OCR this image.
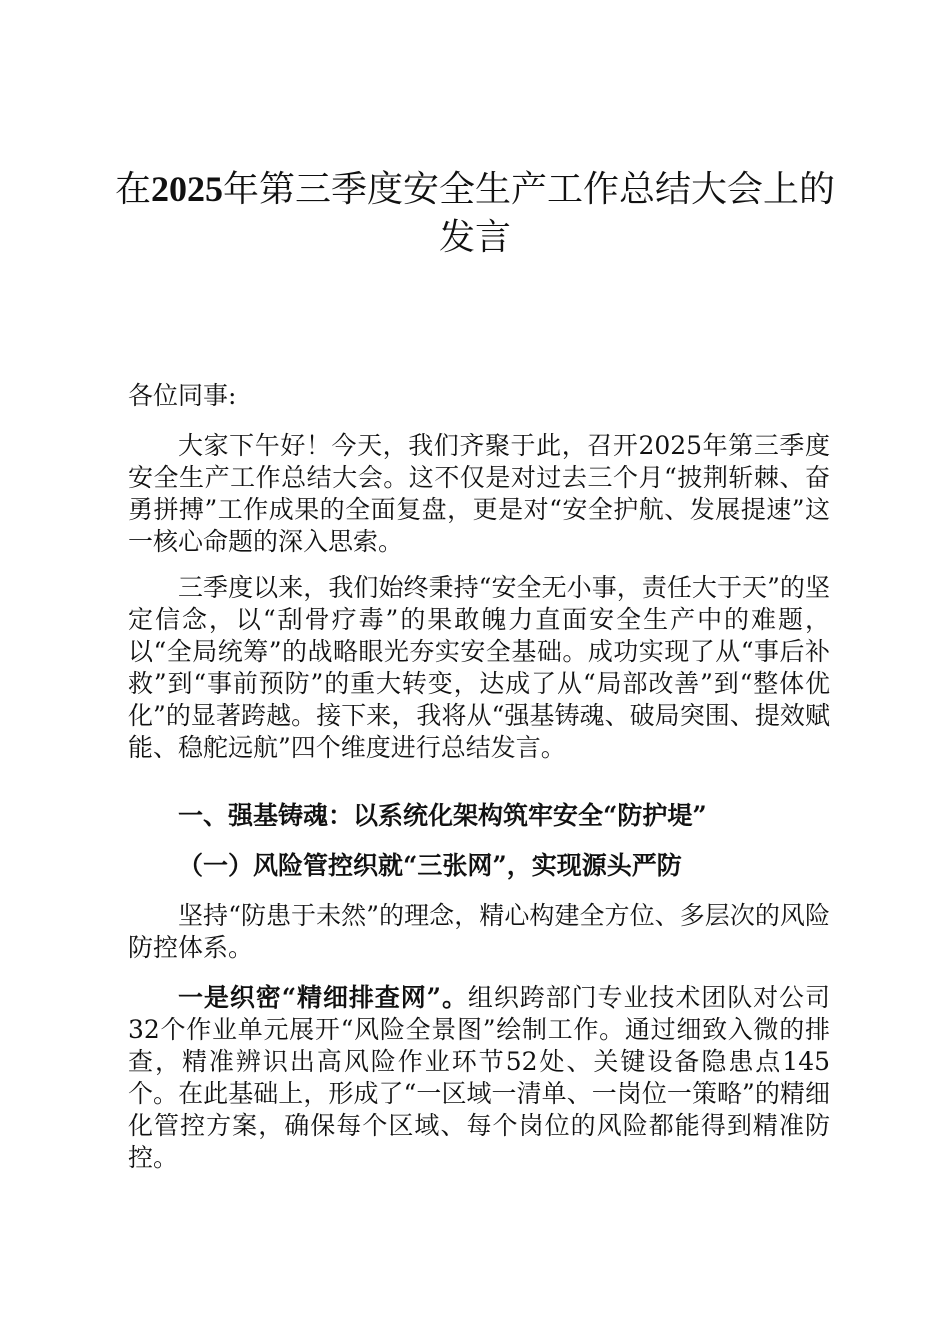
在2025年第三季度安全生产工作总结大会上的发言

各位同事:

大家下午好！今天，我们齐聚于此，召开2025年第三季度安全生产工作总结大会。这不仅是对过去三个月“披荆斩棘、奋勇拼搏”工作成果的全面复盘，更是对“安全护航、发展提速”这一核心命题的深入思索。

三季度以来，我们始终秉持“安全无小事，责任大于天”的坚定信念，以“刮骨疗毒”的果敢魄力直面安全生产中的难题，以“全局统筹”的战略眼光夯实安全基础。成功实现了从“事后补救”到“事前预防”的重大转变，达成了从“局部改善”到“整体优化”的显著跨越。接下来，我将从“强基铸魂、破局突围、提效赋能、稳舵远航”四个维度进行总结发言。

一、强基铸魂：以系统化架构筑牢安全“防护堤”

（一）风险管控织就“三张网”，实现源头严防

坚持“防患于未然”的理念，精心构建全方位、多层次的风险防控体系。

一是织密“精细排查网”。组织跨部门专业技术团队对公司32个作业单元展开“风险全景图”绘制工作。通过细致入微的排查，精准辨识出高风险作业环节52处、关键设备隐患点145个。在此基础上，形成了“一区域一清单、一岗位一策略”的精细化管控方案，确保每个区域、每个岗位的风险都能得到精准防控。
